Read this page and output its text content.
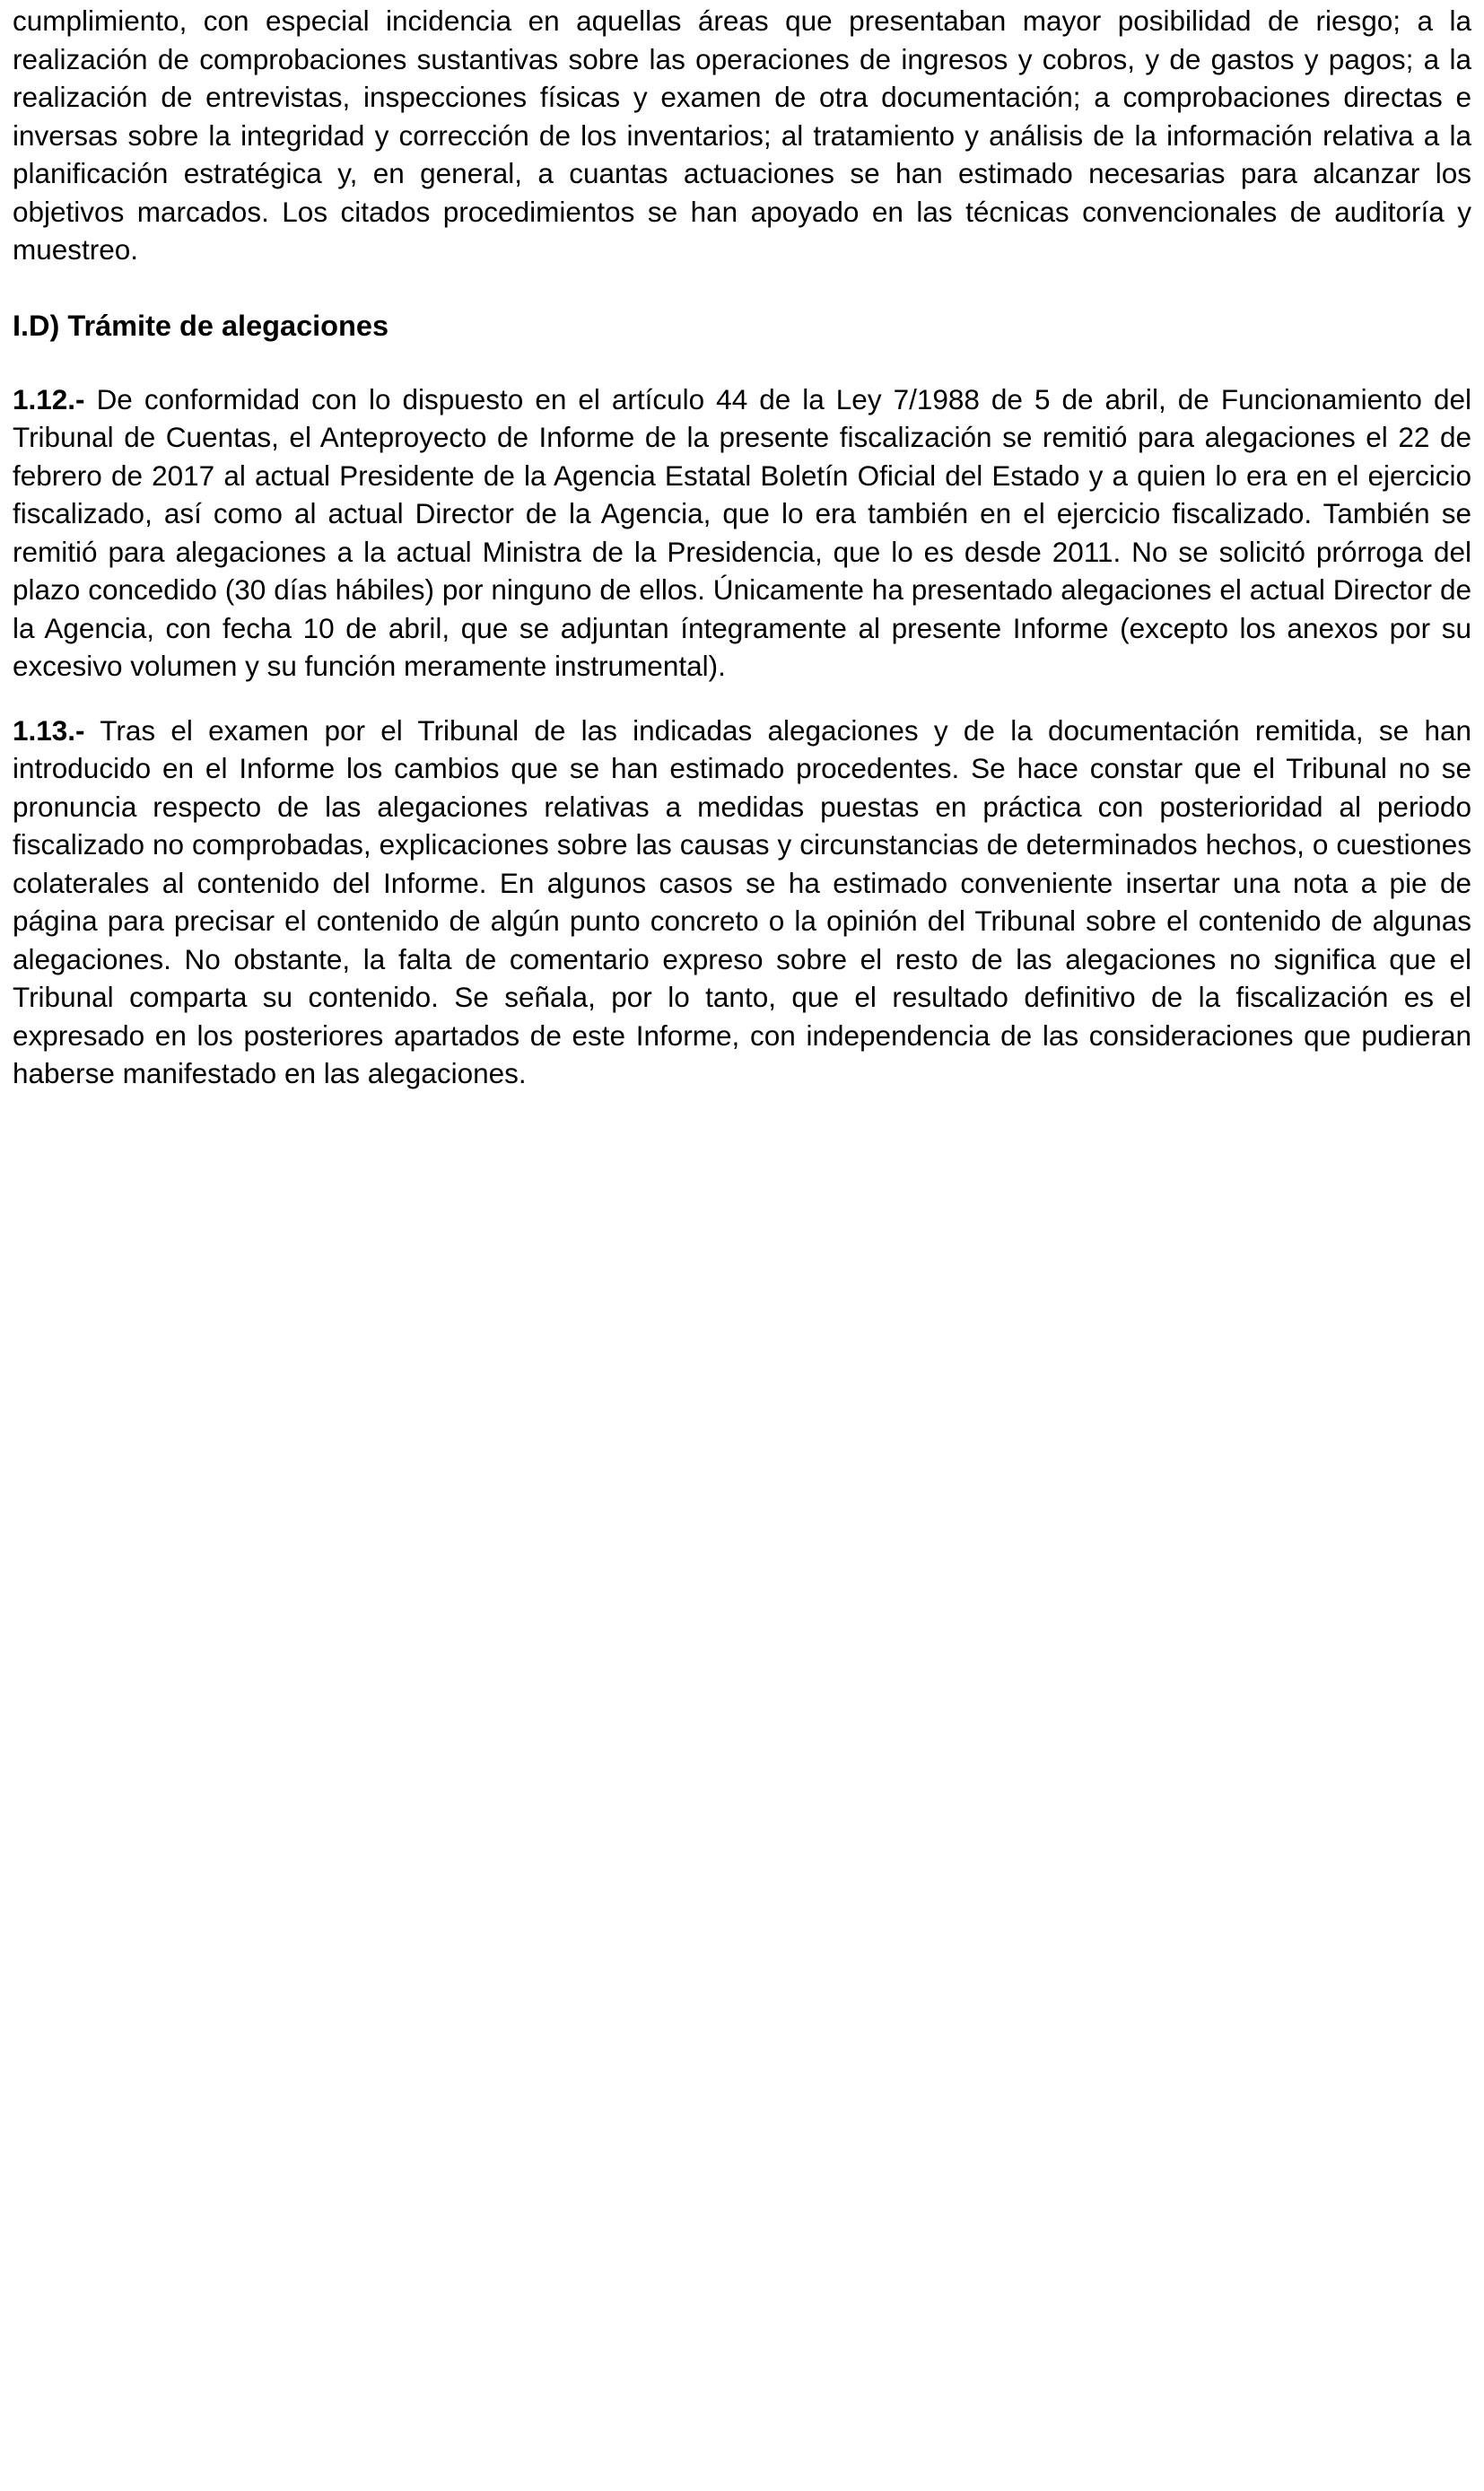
cumplimiento, con especial incidencia en aquellas áreas que presentaban mayor posibilidad de riesgo; a la realización de comprobaciones sustantivas sobre las operaciones de ingresos y cobros, y de gastos y pagos; a la realización de entrevistas, inspecciones físicas y examen de otra documentación; a comprobaciones directas e inversas sobre la integridad y corrección de los inventarios; al tratamiento y análisis de la información relativa a la planificación estratégica y, en general, a cuantas actuaciones se han estimado necesarias para alcanzar los objetivos marcados. Los citados procedimientos se han apoyado en las técnicas convencionales de auditoría y muestreo.

I.D) Trámite de alegaciones

1.12.- De conformidad con lo dispuesto en el artículo 44 de la Ley 7/1988 de 5 de abril, de Funcionamiento del Tribunal de Cuentas, el Anteproyecto de Informe de la presente fiscalización se remitió para alegaciones el 22 de febrero de 2017 al actual Presidente de la Agencia Estatal Boletín Oficial del Estado y a quien lo era en el ejercicio fiscalizado, así como al actual Director de la Agencia, que lo era también en el ejercicio fiscalizado. También se remitió para alegaciones a la actual Ministra de la Presidencia, que lo es desde 2011. No se solicitó prórroga del plazo concedido (30 días hábiles) por ninguno de ellos. Únicamente ha presentado alegaciones el actual Director de la Agencia, con fecha 10 de abril, que se adjuntan íntegramente al presente Informe (excepto los anexos por su excesivo volumen y su función meramente instrumental).

1.13.- Tras el examen por el Tribunal de las indicadas alegaciones y de la documentación remitida, se han introducido en el Informe los cambios que se han estimado procedentes. Se hace constar que el Tribunal no se pronuncia respecto de las alegaciones relativas a medidas puestas en práctica con posterioridad al periodo fiscalizado no comprobadas, explicaciones sobre las causas y circunstancias de determinados hechos, o cuestiones colaterales al contenido del Informe. En algunos casos se ha estimado conveniente insertar una nota a pie de página para precisar el contenido de algún punto concreto o la opinión del Tribunal sobre el contenido de algunas alegaciones. No obstante, la falta de comentario expreso sobre el resto de las alegaciones no significa que el Tribunal comparta su contenido. Se señala, por lo tanto, que el resultado definitivo de la fiscalización es el expresado en los posteriores apartados de este Informe, con independencia de las consideraciones que pudieran haberse manifestado en las alegaciones.
